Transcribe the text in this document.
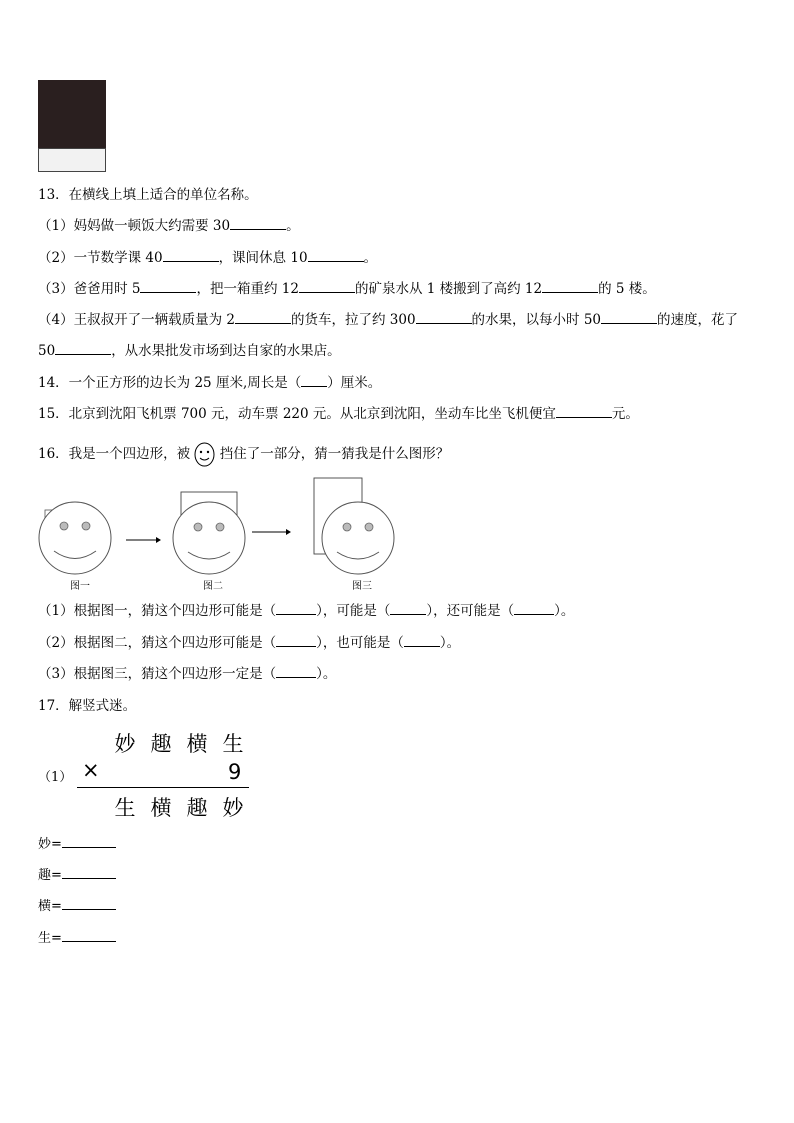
13．在横线上填上适合的单位名称。
（1）妈妈做一顿饭大约需要 30	。
（2）一节数学课 40	，课间休息 10	。
（3）爸爸用时 5	，把一箱重约 12	的矿泉水从 1 楼搬到了高约 12	的 5 楼。
（4）王叔叔开了一辆载质量为 2	的货车，拉了约 300	的水果，以每小时 50	的速度，花了
50	，从水果批发市场到达自家的水果店。
14．一个正方形的边长为 25 厘米,周长是（ ）厘米。
15．北京到沈阳飞机票 700 元，动车票 220 元。从北京到沈阳，坐动车比坐飞机便宜	元。
16．我是一个四边形，被 挡住了一部分，猜一猜我是什么图形？
图一	图二	图三
（1）根据图一，猜这个四边形可能是（	），可能是（	），还可能是（	）。
（2）根据图二，猜这个四边形可能是（	），也可能是（	）。
（3）根据图三，猜这个四边形一定是（	）。
17．解竖式迷。
妙 趣 横 生
（1） ×	9
生 横 趣 妙
妙=
趣=
横=
生=
